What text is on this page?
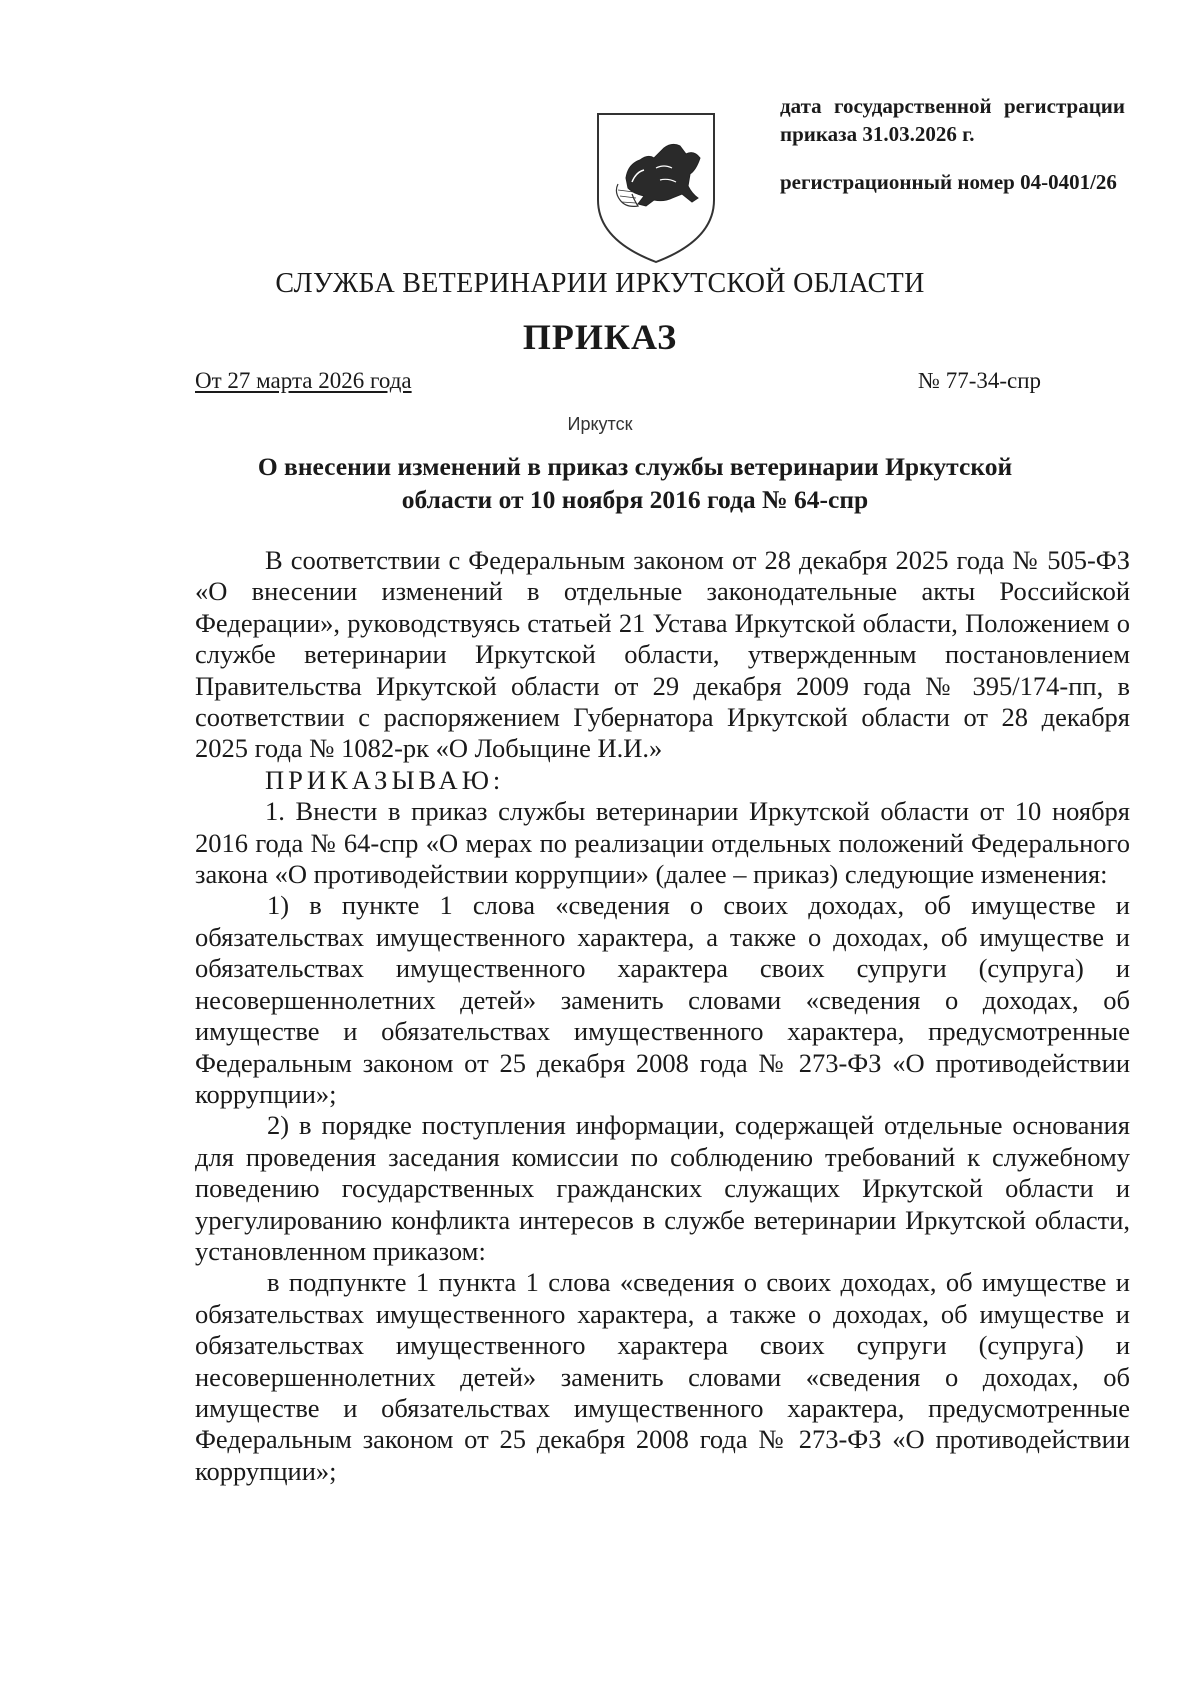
дата государственной регистрации
приказа 31.03.2026 г.
регистрационный номер 04-0401/26
СЛУЖБА ВЕТЕРИНАРИИ ИРКУТСКОЙ ОБЛАСТИ
ПРИКАЗ
От 27 марта 2026 года	№ 77-34-спр
Иркутск
О внесении изменений в приказ службы ветеринарии Иркутской
области от 10 ноября 2016 года № 64-спр

В соответствии с Федеральным законом от 28 декабря 2025 года № 505-ФЗ «О внесении изменений в отдельные законодательные акты Российской Федерации», руководствуясь статьей 21 Устава Иркутской области, Положением о службе ветеринарии Иркутской области, утвержденным постановлением Правительства Иркутской области от 29 декабря 2009 года № 395/174-пп, в соответствии с распоряжением Губернатора Иркутской области от 28 декабря 2025 года № 1082-рк «О Лобыцине И.И.»

ПРИКАЗЫВАЮ:

1. Внести в приказ службы ветеринарии Иркутской области от 10 ноября 2016 года № 64-спр «О мерах по реализации отдельных положений Федерального закона «О противодействии коррупции» (далее – приказ) следующие изменения:

1) в пункте 1 слова «сведения о своих доходах, об имуществе и обязательствах имущественного характера, а также о доходах, об имуществе и обязательствах имущественного характера своих супруги (супруга) и несовершеннолетних детей» заменить словами «сведения о доходах, об имуществе и обязательствах имущественного характера, предусмотренные Федеральным законом от 25 декабря 2008 года № 273-ФЗ «О противодействии коррупции»;

2) в порядке поступления информации, содержащей отдельные основания для проведения заседания комиссии по соблюдению требований к служебному поведению государственных гражданских служащих Иркутской области и урегулированию конфликта интересов в службе ветеринарии Иркутской области, установленном приказом:

в подпункте 1 пункта 1 слова «сведения о своих доходах, об имуществе и обязательствах имущественного характера, а также о доходах, об имуществе и обязательствах имущественного характера своих супруги (супруга) и несовершеннолетних детей» заменить словами «сведения о доходах, об имуществе и обязательствах имущественного характера, предусмотренные Федеральным законом от 25 декабря 2008 года № 273-ФЗ «О противодействии коррупции»;
